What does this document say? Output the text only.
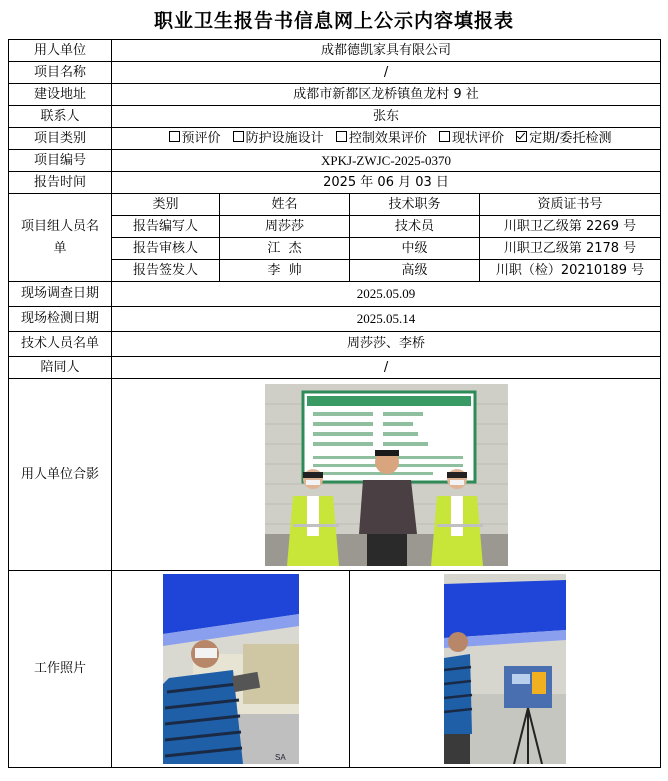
职业卫生报告书信息网上公示内容填报表
用人单位	成都德凯家具有限公司			
项目名称	/			
建设地址	成都市新都区龙桥镇鱼龙村 9 社			
联系人	张东			
项目类别	预评价 防护设施设计 控制效果评价 现状评价 定期/委托检测			
项目编号	XPKJ-ZWJC-2025-0370			
报告时间	2025 年 06 月 03 日			
项目组人员名单	类别	姓名	技术职务	资质证书号
	报告编写人	周莎莎	技术员	川职卫乙级第 2269 号
	报告审核人	江  杰	中级	川职卫乙级第 2178 号
	报告签发人	李  帅	高级	川职（检）20210189 号
现场调查日期	2025.05.09			
现场检测日期	2025.05.14			
技术人员名单	周莎莎、李桥			
陪同人	/			
用人单位合影	

工作照片	SA
